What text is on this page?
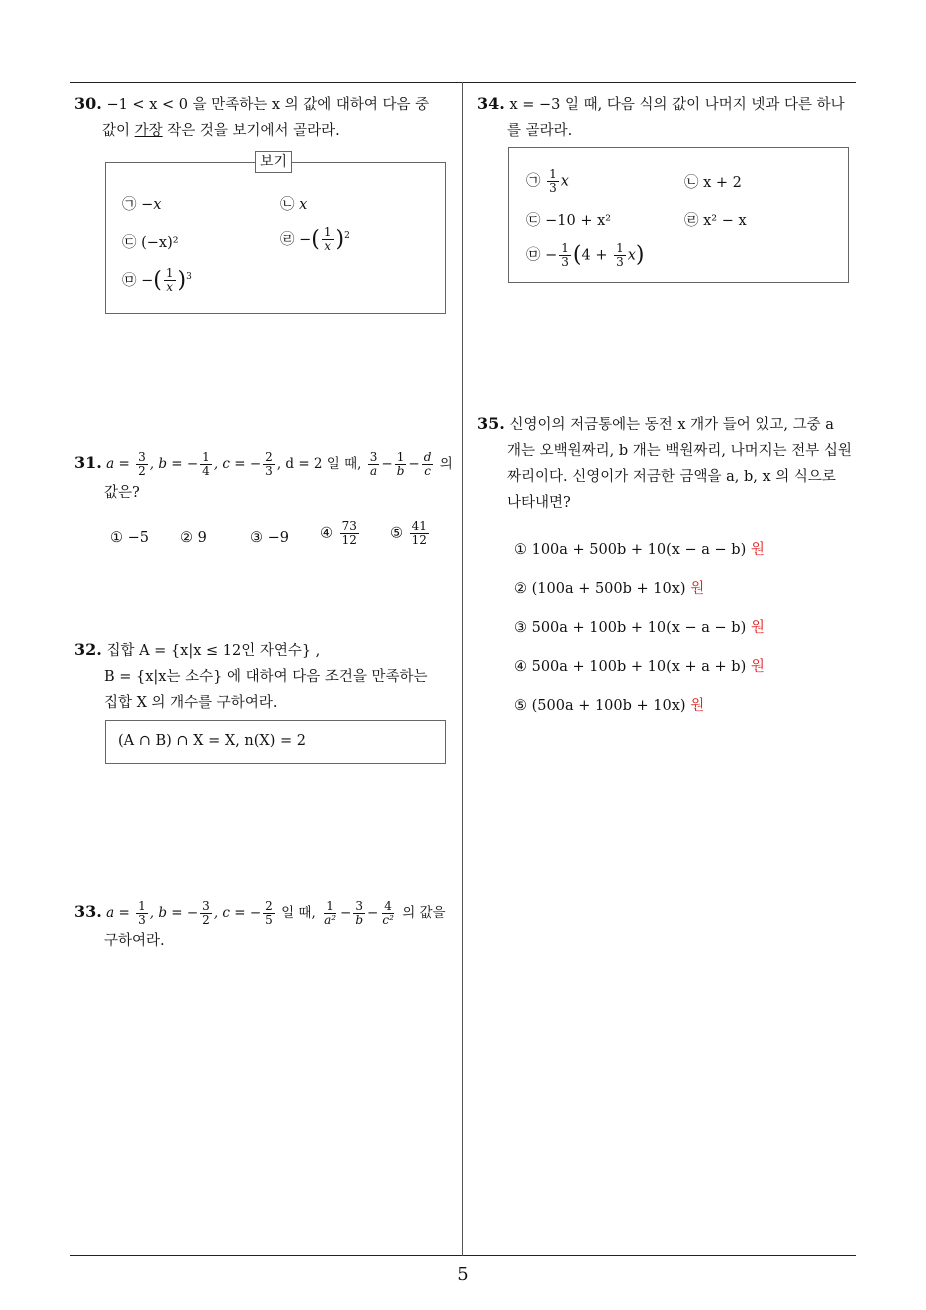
30. −1 < x < 0 을 만족하는 x 의 값에 대하여 다음 중
값이 가장 작은 것을 보기에서 골라라.
보기
㉠ −x	㉡ x
㉢ (−x)²	㉣ −( $\frac{1}{x} )^2$
㉤ −( $\frac{1}{x} )^3$
31. $a = \frac{3}{2}$ , b = − $\frac{1}{4}$ , c = − $\frac{2}{3}$ , d = 2 일 때, $\frac{3}{a} - \frac{1}{b} - \frac{d}{c}$ 의
값은?
① −5 ② 9	③ −9 ④ $\frac{73}{12}$ ⑤ $\frac{41}{12}$
32. 집합 A = {x|x ≤ 12인 자연수} ,
B = {x|x는 소수} 에 대하여 다음 조건을 만족하는
집합 X 의 개수를 구하여라.
(A ∩ B) ∩ X = X, n(X) = 2
33. $a = \frac{1}{3}$ , b = − $\frac{3}{2}$ , c = − $\frac{2}{5}$ 일 때, $\frac{1}{\text{a²}} - \frac{3}{b} - \frac{4}{\text{c²}}$ 의 값을
구하여라.
34. x = −3 일 때, 다음 식의 값이 나머지 넷과 다른 하나
를 골라라.
㉠ $\frac{1}{3}$ x	㉡ x + 2
㉢ −10 + x²	㉣ x² − x
㉤ − $\frac{1}{3} (4 + \frac{1}{3} x)$
35. 신영이의 저금통에는 동전 x 개가 들어 있고, 그중 a
개는 오백원짜리, b 개는 백원짜리, 나머지는 전부 십원
짜리이다. 신영이가 저금한 금액을 a, b, x 의 식으로
나타내면?
① 100a + 500b + 10(x − a − b) 원
② (100a + 500b + 10x) 원
③ 500a + 100b + 10(x − a − b) 원
④ 500a + 100b + 10(x + a + b) 원
⑤ (500a + 100b + 10x) 원
5
